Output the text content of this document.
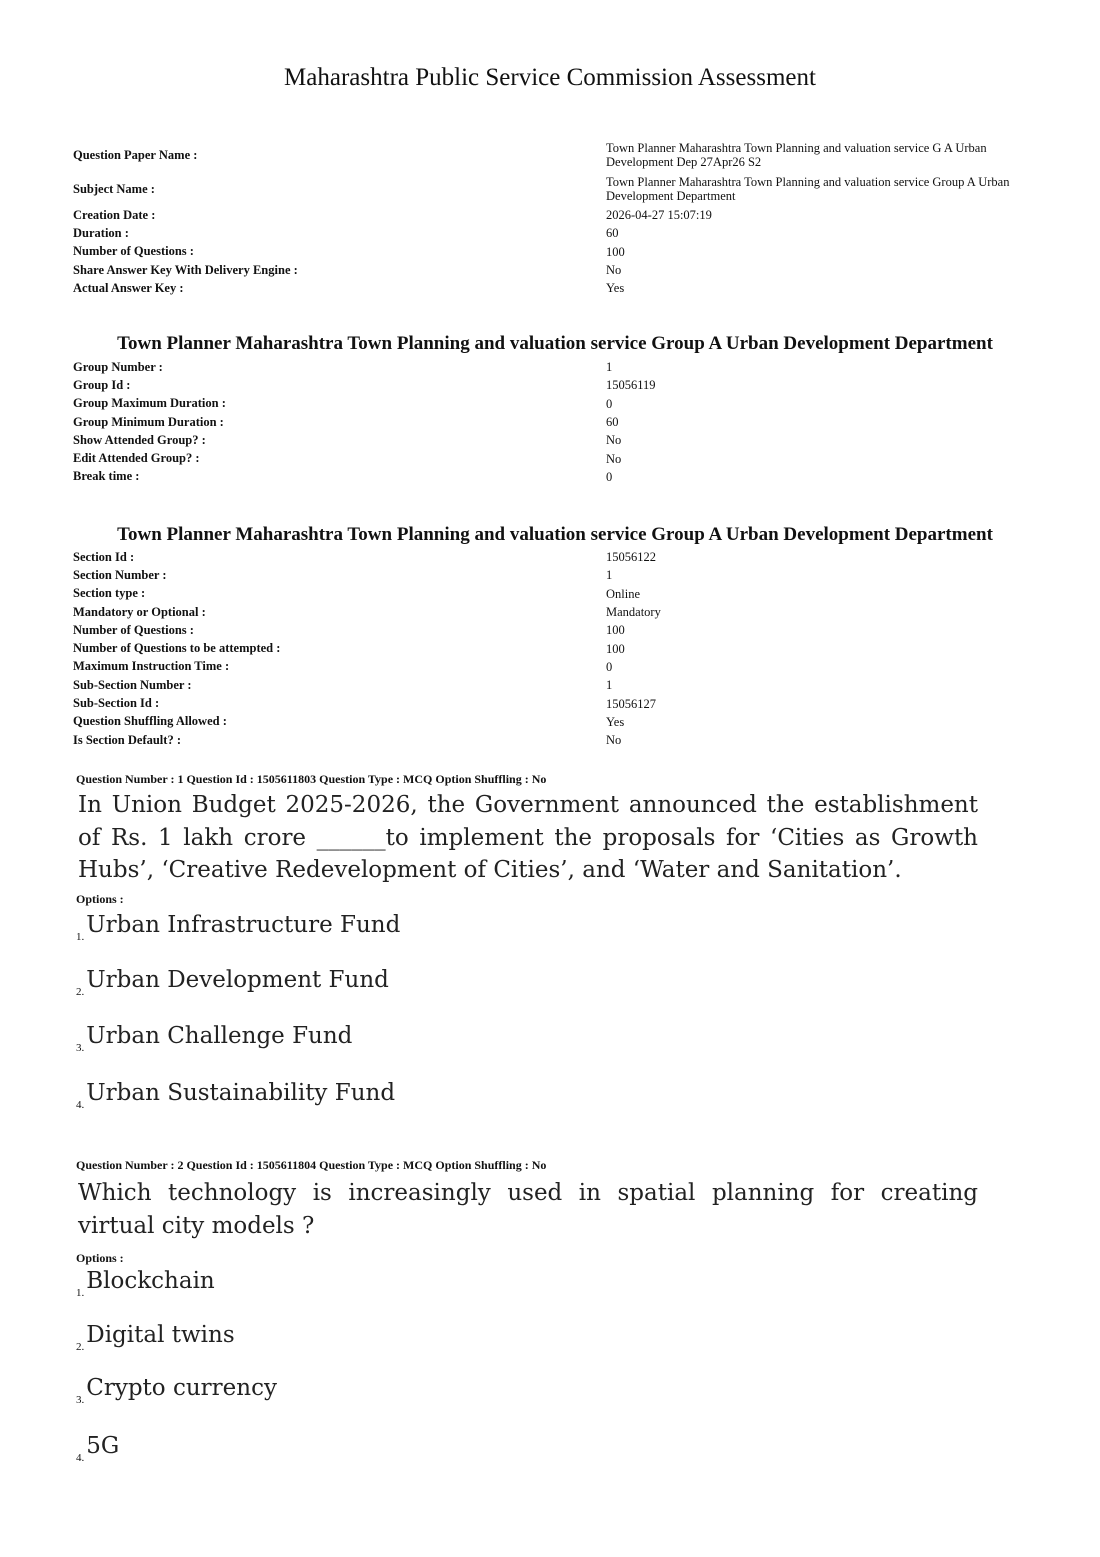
Maharashtra Public Service Commission Assessment
Question Paper Name :	Town Planner Maharashtra Town Planning and valuation service G A Urban Development Dep 27Apr26 S2
Subject Name :	Town Planner Maharashtra Town Planning and valuation service Group A Urban Development Department
Creation Date :	2026-04-27 15:07:19
Duration :	60
Number of Questions :	100
Share Answer Key With Delivery Engine :	No
Actual Answer Key :	Yes
Town Planner Maharashtra Town Planning and valuation service Group A Urban Development Department
Group Number :	1
Group Id :	15056119
Group Maximum Duration :	0
Group Minimum Duration :	60
Show Attended Group? :	No
Edit Attended Group? :	No
Break time :	0
Town Planner Maharashtra Town Planning and valuation service Group A Urban Development Department
Section Id :	15056122
Section Number :	1
Section type :	Online
Mandatory or Optional :	Mandatory
Number of Questions :	100
Number of Questions to be attempted :	100
Maximum Instruction Time :	0
Sub-Section Number :	1
Sub-Section Id :	15056127
Question Shuffling Allowed :	Yes
Is Section Default? :	No
Question Number : 1 Question Id : 1505611803 Question Type : MCQ Option Shuffling : No
In Union Budget 2025-2026, the Government announced the establishment of Rs. 1 lakh crore ______to implement the proposals for ‘Cities as Growth Hubs’, ‘Creative Redevelopment of Cities’, and ‘Water and Sanitation’.
Options :
$_{1.}$Urban Infrastructure Fund
$_{2.}$Urban Development Fund
$_{3.}$Urban Challenge Fund
$_{4.}$Urban Sustainability Fund
Question Number : 2 Question Id : 1505611804 Question Type : MCQ Option Shuffling : No
Which technology is increasingly used in spatial planning for creating virtual city models ?
Options :
$_{1.}$Blockchain
$_{2.}$Digital twins
$_{3.}$Crypto currency
$_{4.}$5G
